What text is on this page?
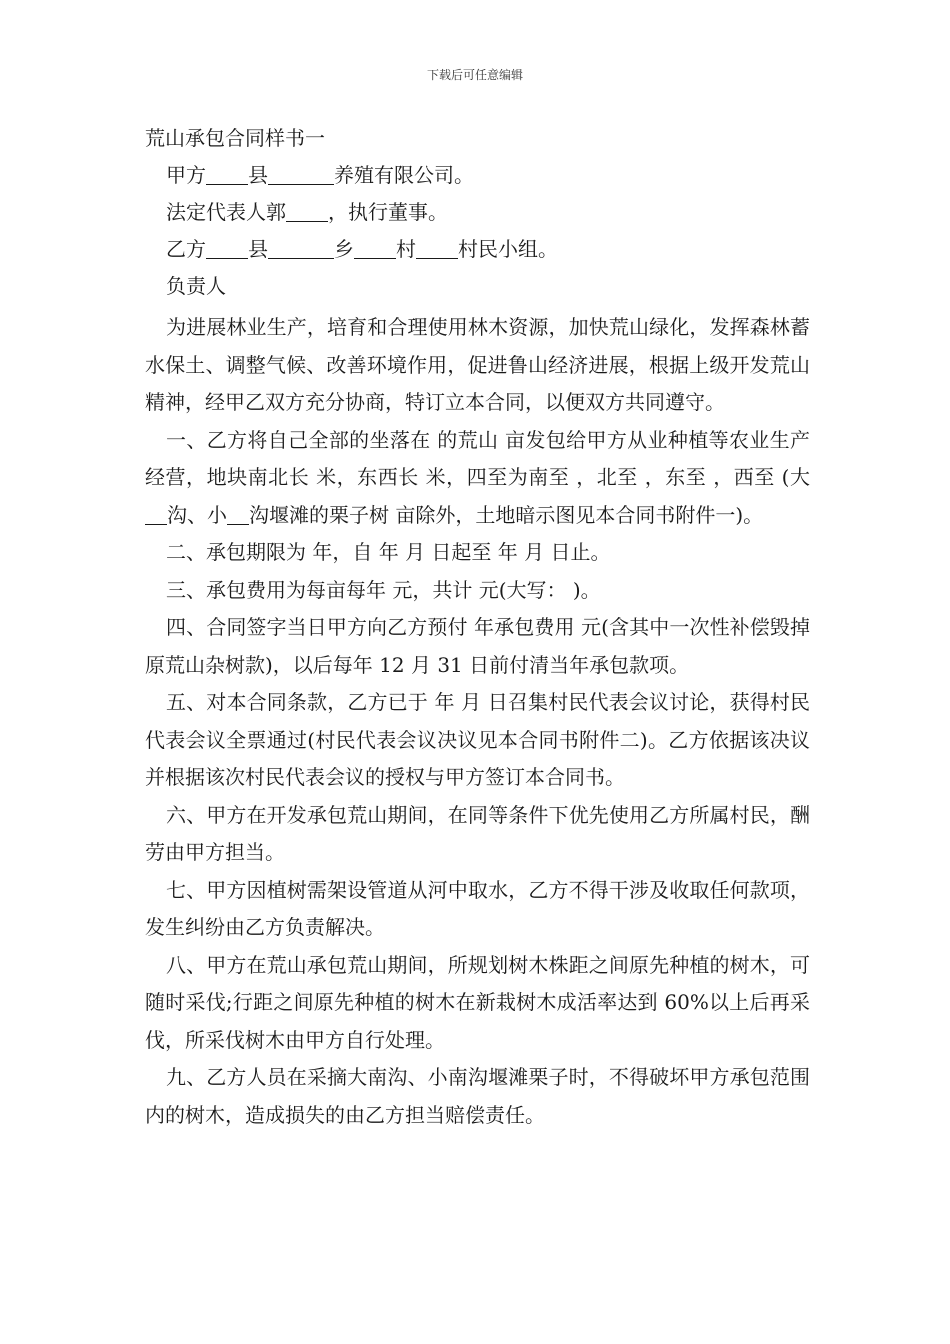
下载后可任意编辑
荒山承包合同样书一
甲方 县	养殖有限公司。
法定代表人郭 ，执行董事。
乙方 县	乡 村 村民小组。
负责人

为进展林业生产，培育和合理使用林木资源，加快荒山绿化，发挥森林蓄水保土、调整气候、改善环境作用，促进鲁山经济进展，根据上级开发荒山精神，经甲乙双方充分协商，特订立本合同，以便双方共同遵守。

一、乙方将自己全部的坐落在 的荒山 亩发包给甲方从业种植等农业生产经营，地块南北长 米，东西长 米，四至为南至 ，北至 ，东至 ，西至 (大沟、小 沟堰滩的栗子树 亩除外，土地暗示图见本合同书附件一)。

二、承包期限为 年，自 年 月 日起至 年 月 日止。

三、承包费用为每亩每年 元，共计 元(大写： )。

四、合同签字当日甲方向乙方预付 年承包费用 元(含其中一次性补偿毁掉原荒山杂树款)，以后每年 12 月 31 日前付清当年承包款项。

五、对本合同条款，乙方已于 年 月 日召集村民代表会议讨论，获得村民代表会议全票通过(村民代表会议决议见本合同书附件二)。乙方依据该决议并根据该次村民代表会议的授权与甲方签订本合同书。

六、甲方在开发承包荒山期间，在同等条件下优先使用乙方所属村民，酬劳由甲方担当。

七、甲方因植树需架设管道从河中取水，乙方不得干涉及收取任何款项，发生纠纷由乙方负责解决。

八、甲方在荒山承包荒山期间，所规划树木株距之间原先种植的树木，可随时采伐;行距之间原先种植的树木在新栽树木成活率达到 60%以上后再采伐，所采伐树木由甲方自行处理。

九、乙方人员在采摘大南沟、小南沟堰滩栗子时，不得破坏甲方承包范围内的树木，造成损失的由乙方担当赔偿责任。
